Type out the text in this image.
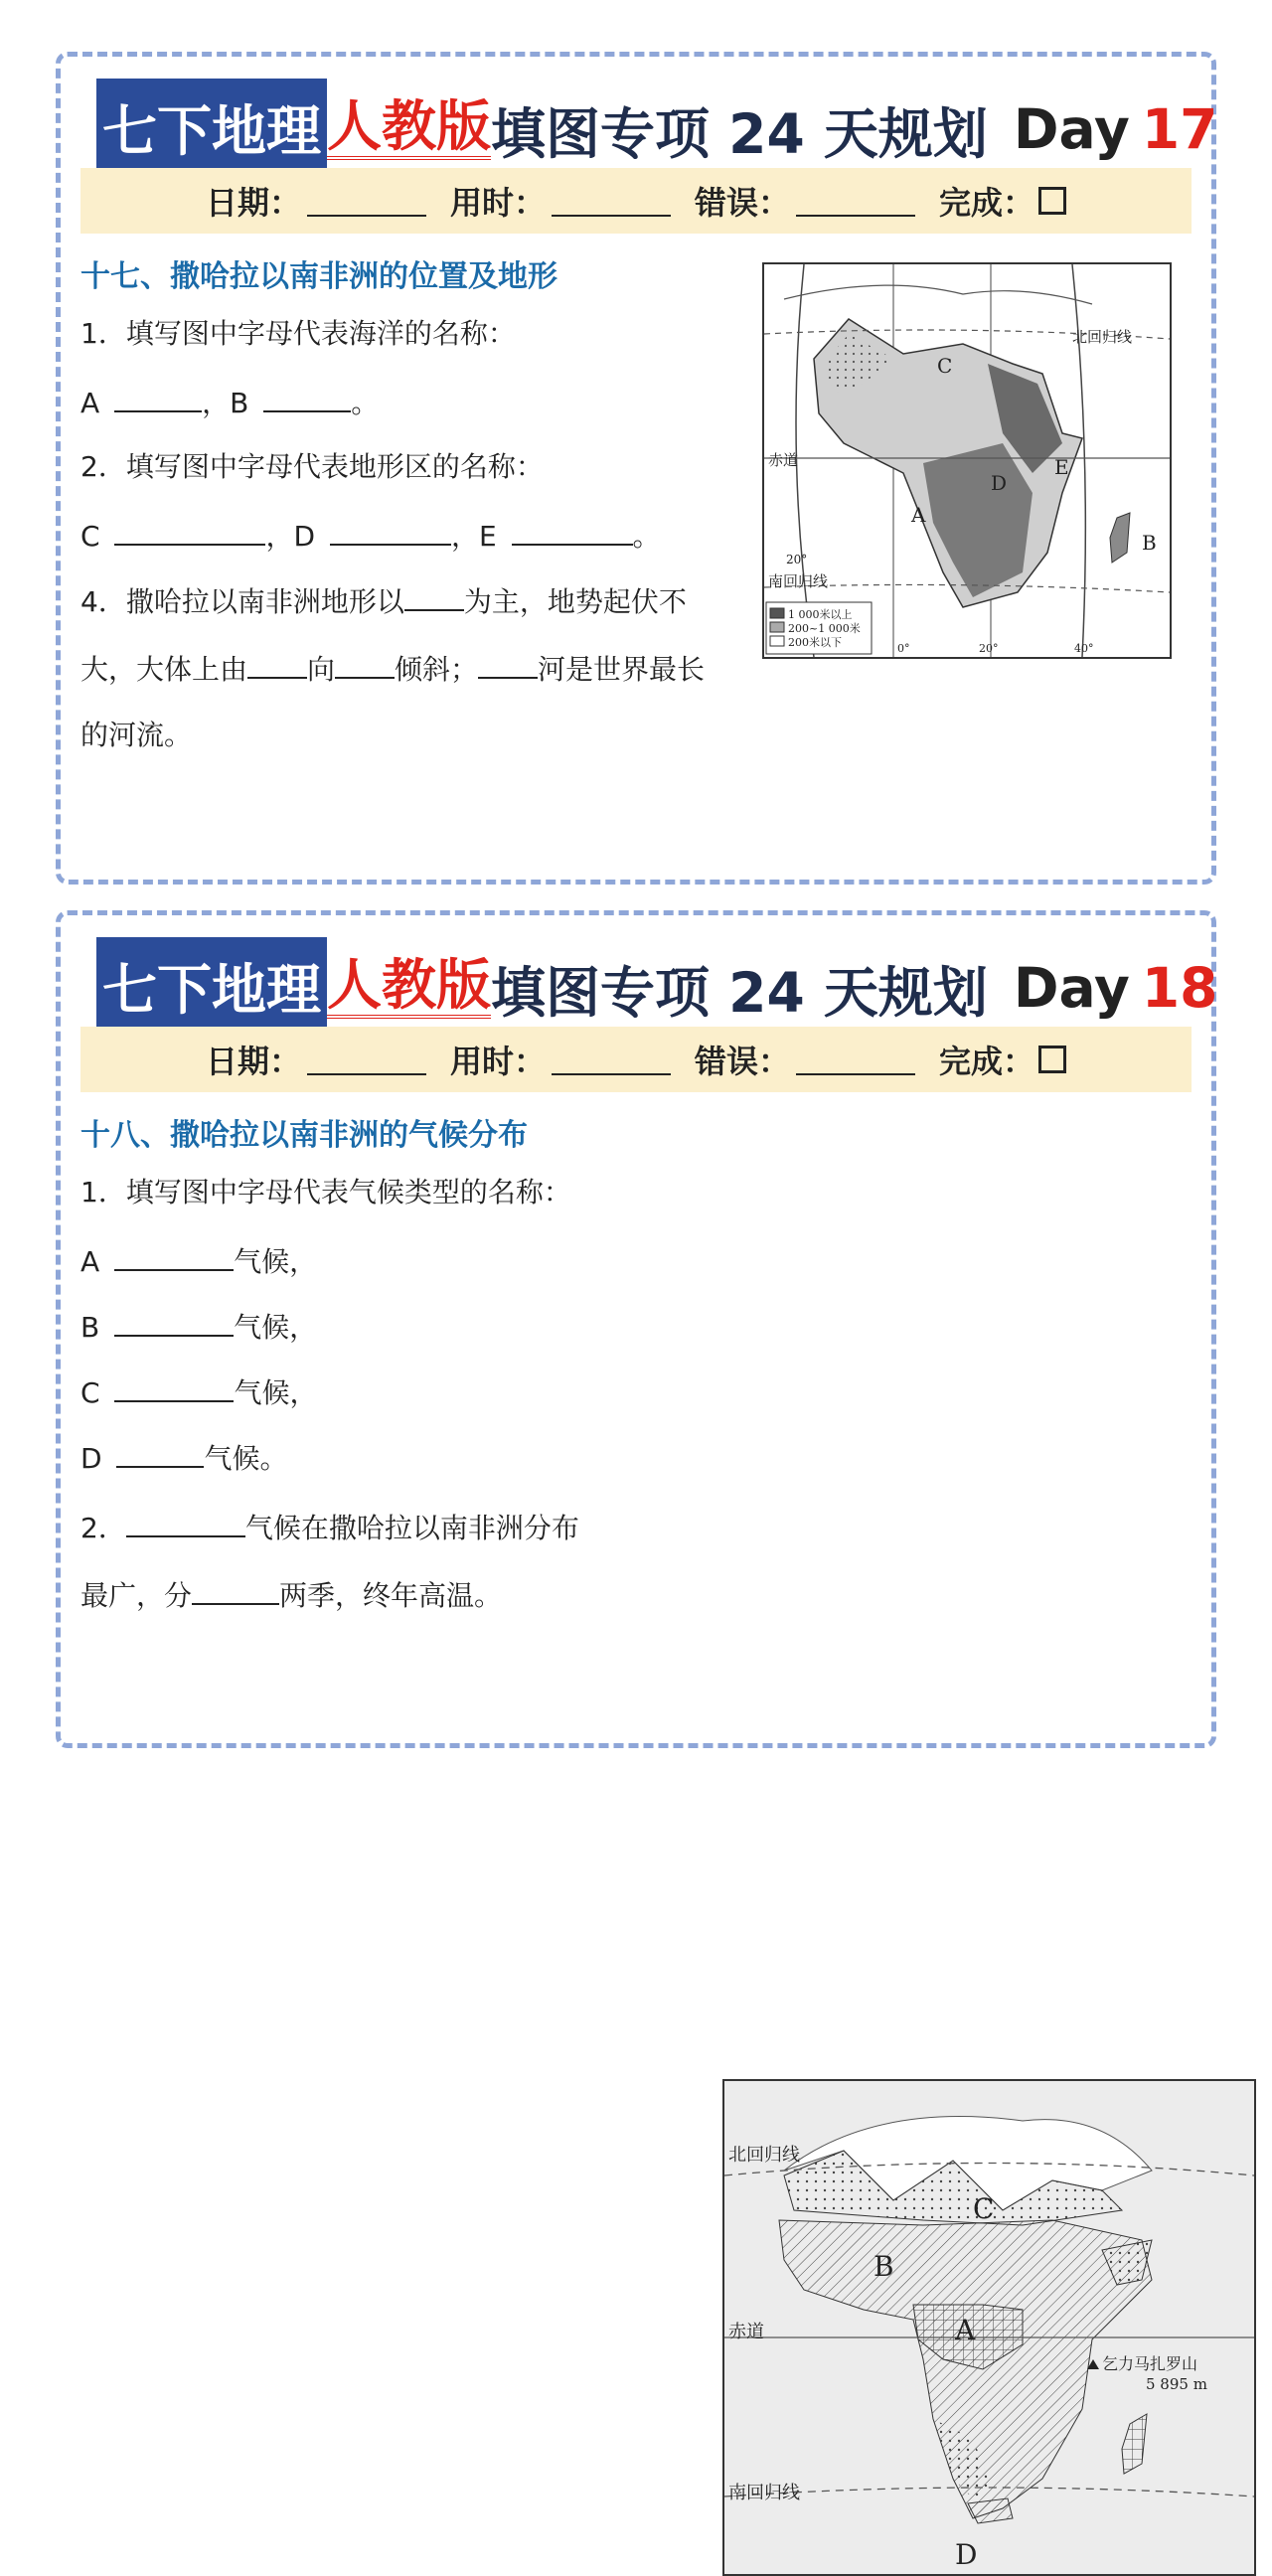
七下地理 人教版 填图专项 24 天规划 Day 17
日期：	用时：	错误：	完成：
十七、撒哈拉以南非洲的位置及地形
1．填写图中字母代表海洋的名称：
A	，B	。
2．填写图中字母代表地形区的名称：
C	，D	，E	。
4．撒哈拉以南非洲地形以 为主，地势起伏不
大，大体上由 向 倾斜； 河是世界最长
的河流。
北回归线
赤道
20°
南回归线
C
D
E
A
B
0°	20°	40°
1 000米以上
200~1 000米
200米以下
七下地理 人教版 填图专项 24 天规划 Day 18
日期：	用时：	错误：	完成：
十八、撒哈拉以南非洲的气候分布
1．填写图中字母代表气候类型的名称：
A	气候，
B	气候，
C	气候，
D	气候。
2．	气候在撒哈拉以南非洲分布
最广，分	两季，终年高温。
北回归线
赤道
南回归线
C
B
A
D
乞力马扎罗山
5 895 m
